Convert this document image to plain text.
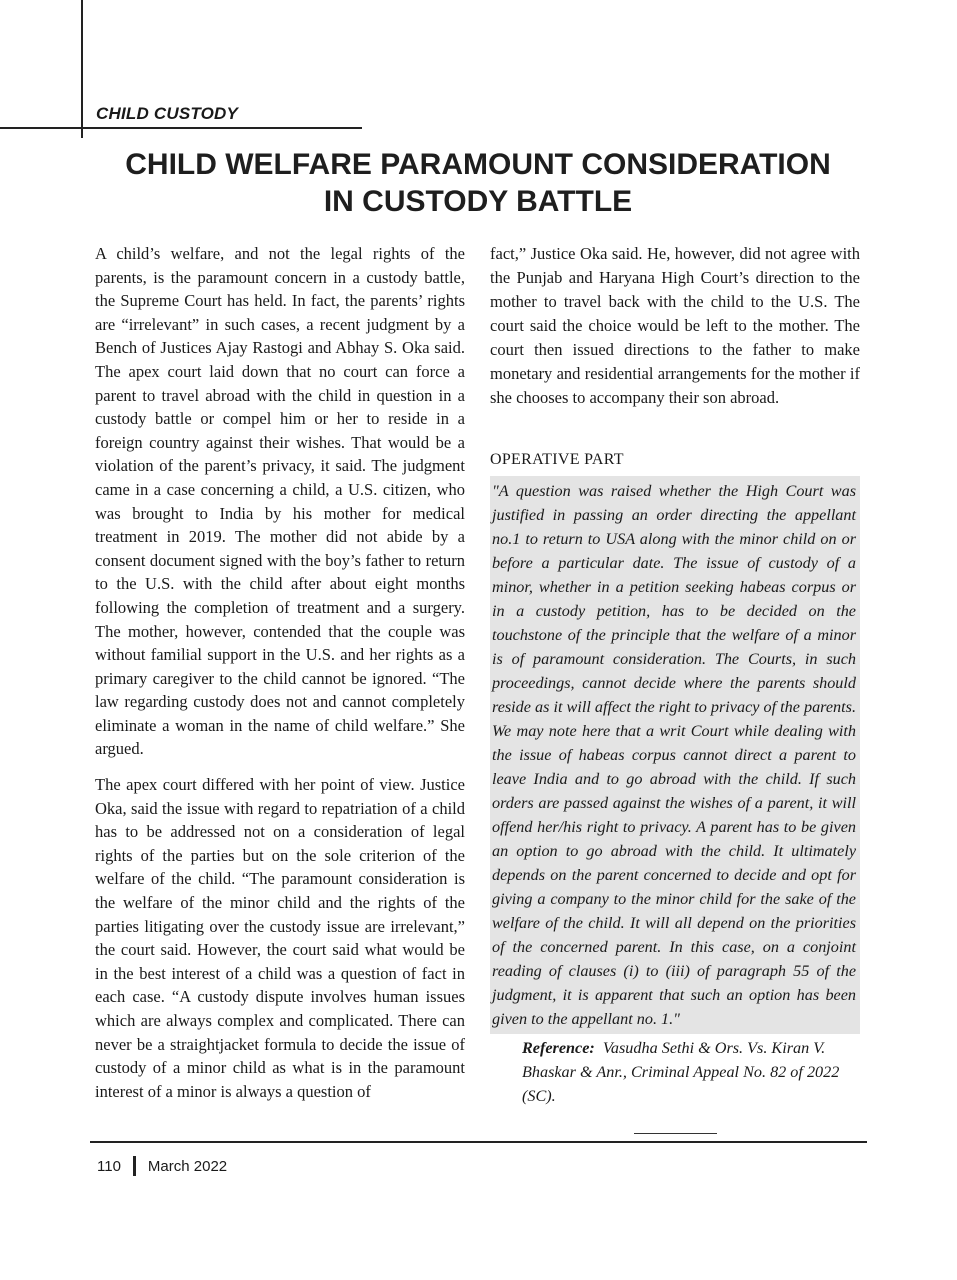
CHILD CUSTODY
CHILD WELFARE PARAMOUNT CONSIDERATION
IN CUSTODY BATTLE

A child’s welfare, and not the legal rights of the parents, is the paramount concern in a custody battle, the Supreme Court has held. In fact, the parents’ rights are “irrelevant” in such cases, a recent judgment by a Bench of Justices Ajay Rastogi and Abhay S. Oka said. The apex court laid down that no court can force a parent to travel abroad with the child in question in a custody battle or compel him or her to reside in a foreign country against their wishes. That would be a violation of the parent’s privacy, it said. The judgment came in a case concerning a child, a U.S. citizen, who was brought to India by his mother for medical treatment in 2019. The mother did not abide by a consent document signed with the boy’s father to return to the U.S. with the child after about eight months following the completion of treatment and a surgery. The mother, however, contended that the couple was without familial support in the U.S. and her rights as a primary caregiver to the child cannot be ignored. “The law regarding custody does not and cannot completely eliminate a woman in the name of child welfare.” She argued.

The apex court differed with her point of view. Justice Oka, said the issue with regard to repatriation of a child has to be addressed not on a consideration of legal rights of the parties but on the sole criterion of the welfare of the child. “The paramount consideration is the welfare of the minor child and the rights of the parties litigating over the custody issue are irrelevant,” the court said. However, the court said what would be in the best interest of a child was a question of fact in each case. “A custody dispute involves human issues which are always complex and complicated. There can never be a straightjacket formula to decide the issue of custody of a minor child as what is in the paramount interest of a minor is always a question of

fact,” Justice Oka said. He, however, did not agree with the Punjab and Haryana High Court’s direction to the mother to travel back with the child to the U.S. The court said the choice would be left to the mother. The court then issued directions to the father to make monetary and residential arrangements for the mother if she chooses to accompany their son abroad.

OPERATIVE PART

"A question was raised whether the High Court was justified in passing an order directing the appellant no.1 to return to USA along with the minor child on or before a particular date. The issue of custody of a minor, whether in a petition seeking habeas corpus or in a custody petition, has to be decided on the touchstone of the principle that the welfare of a minor is of paramount consideration. The Courts, in such proceedings, cannot decide where the parents should reside as it will affect the right to privacy of the parents. We may note here that a writ Court while dealing with the issue of habeas corpus cannot direct a parent to leave India and to go abroad with the child. If such orders are passed against the wishes of a parent, it will offend her/his right to privacy. A parent has to be given an option to go abroad with the child. It ultimately depends on the parent concerned to decide and opt for giving a company to the minor child for the sake of the welfare of the child. It will all depend on the priorities of the concerned parent. In this case, on a conjoint reading of clauses (i) to (iii) of paragraph 55 of the judgment, it is apparent that such an option has been given to the appellant no. 1."

Reference: Vasudha Sethi & Ors. Vs. Kiran V. Bhaskar & Anr., Criminal Appeal No. 82 of 2022 (SC).
110 March 2022
